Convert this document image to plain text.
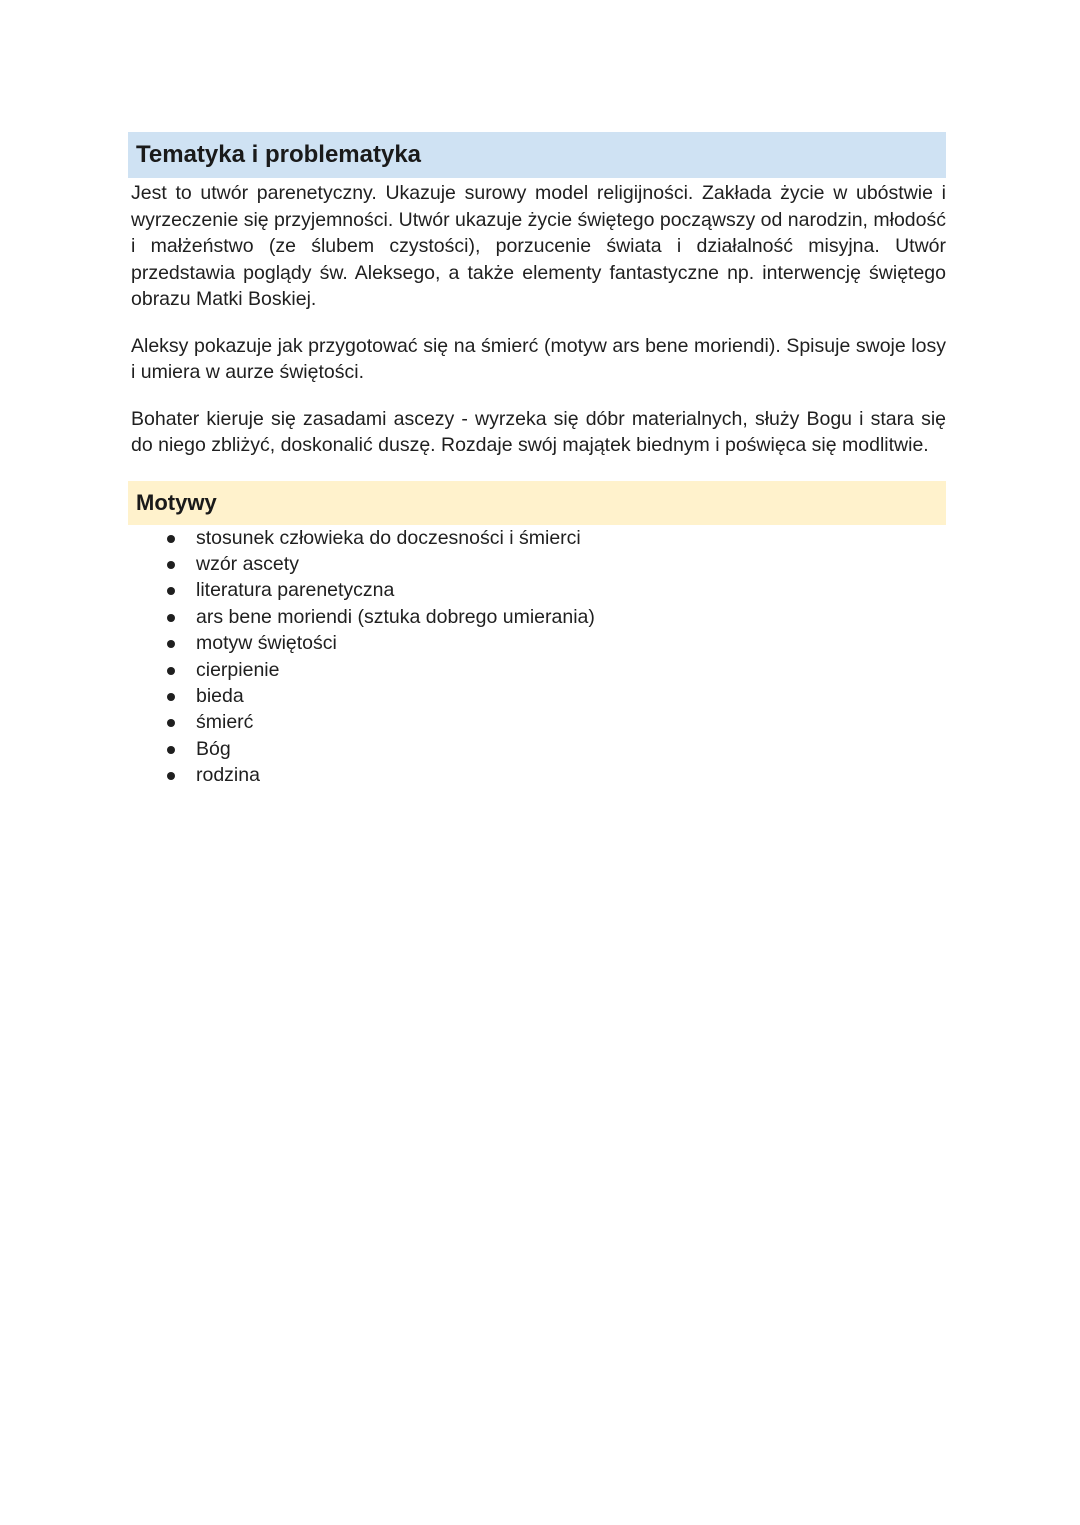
Tematyka i problematyka

Jest to utwór parenetyczny. Ukazuje surowy model religijności. Zakłada życie w ubóstwie i wyrzeczenie się przyjemności. Utwór ukazuje życie świętego począwszy od narodzin, młodość i małżeństwo (ze ślubem czystości), porzucenie świata i działalność misyjna. Utwór przedstawia poglądy św. Aleksego, a także elementy fantastyczne np. interwencję świętego obrazu Matki Boskiej.

Aleksy pokazuje jak przygotować się na śmierć (motyw ars bene moriendi). Spisuje swoje losy i umiera w aurze świętości.

Bohater kieruje się zasadami ascezy - wyrzeka się dóbr materialnych, służy Bogu i stara się do niego zbliżyć, doskonalić duszę. Rozdaje swój majątek biednym i poświęca się modlitwie.

Motywy
stosunek człowieka do doczesności i śmierci
wzór ascety
literatura parenetyczna
ars bene moriendi (sztuka dobrego umierania)
motyw świętości
cierpienie
bieda
śmierć
Bóg
rodzina
